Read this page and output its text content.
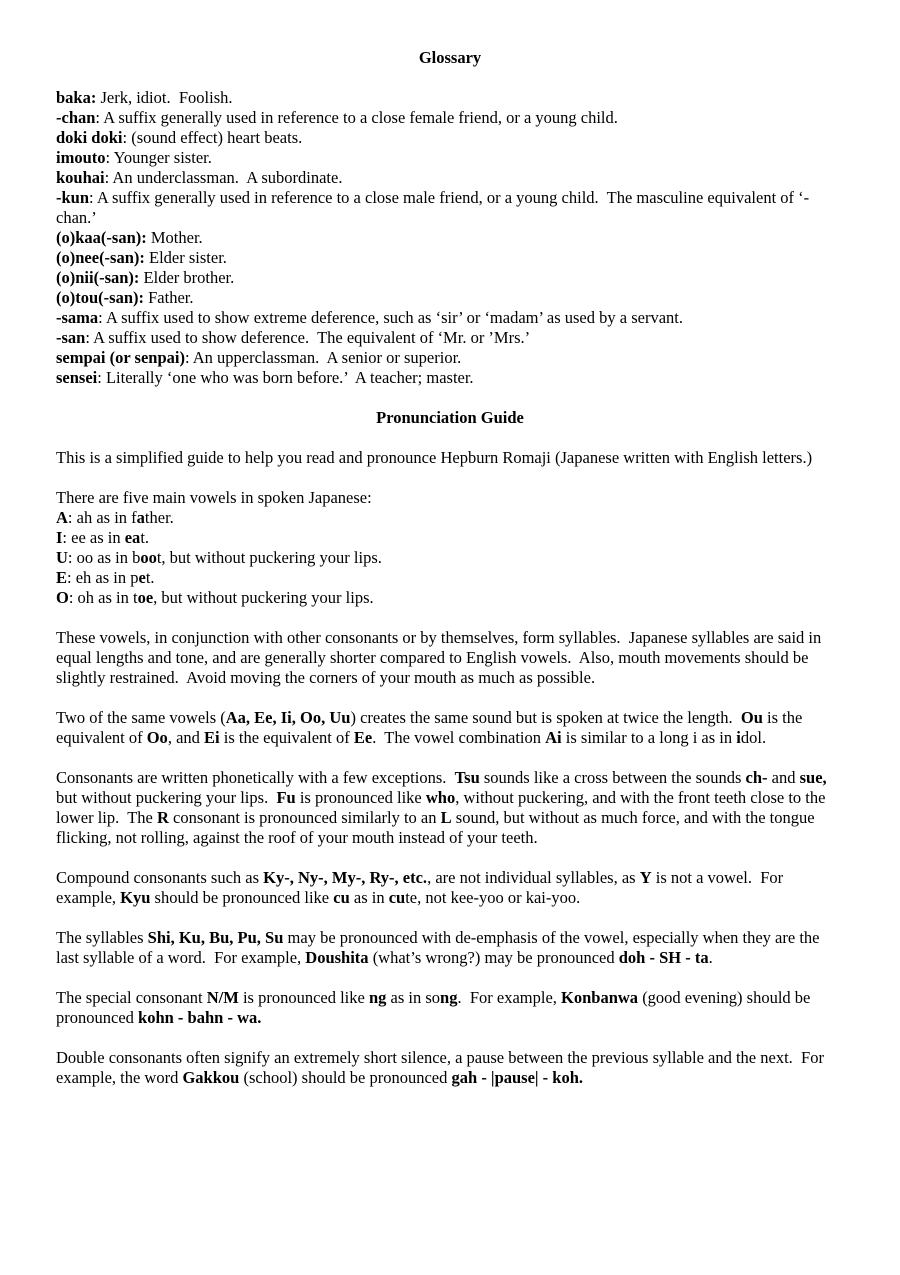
Glossary
baka: Jerk, idiot.  Foolish.
-chan: A suffix generally used in reference to a close female friend, or a young child.
doki doki: (sound effect) heart beats.
imouto: Younger sister.
kouhai: An underclassman.  A subordinate.
-kun: A suffix generally used in reference to a close male friend, or a young child.  The masculine equivalent of ‘-chan.’
(o)kaa(-san): Mother.
(o)nee(-san): Elder sister.
(o)nii(-san): Elder brother.
(o)tou(-san): Father.
-sama: A suffix used to show extreme deference, such as ‘sir’ or ‘madam’ as used by a servant.
-san: A suffix used to show deference.  The equivalent of ‘Mr. or ’Mrs.’
sempai (or senpai): An upperclassman.  A senior or superior.
sensei: Literally ‘one who was born before.’  A teacher; master.
Pronunciation Guide
This is a simplified guide to help you read and pronounce Hepburn Romaji (Japanese written with English letters.)
There are five main vowels in spoken Japanese:
A: ah as in father.
I: ee as in eat.
U: oo as in boot, but without puckering your lips.
E: eh as in pet.
O: oh as in toe, but without puckering your lips.
These vowels, in conjunction with other consonants or by themselves, form syllables.  Japanese syllables are said in equal lengths and tone, and are generally shorter compared to English vowels.  Also, mouth movements should be slightly restrained.  Avoid moving the corners of your mouth as much as possible.
Two of the same vowels (Aa, Ee, Ii, Oo, Uu) creates the same sound but is spoken at twice the length.  Ou is the equivalent of Oo, and Ei is the equivalent of Ee.  The vowel combination Ai is similar to a long i as in idol.
Consonants are written phonetically with a few exceptions.  Tsu sounds like a cross between the sounds ch- and sue, but without puckering your lips.  Fu is pronounced like who, without puckering, and with the front teeth close to the lower lip.  The R consonant is pronounced similarly to an L sound, but without as much force, and with the tongue flicking, not rolling, against the roof of your mouth instead of your teeth.
Compound consonants such as Ky-, Ny-, My-, Ry-, etc., are not individual syllables, as Y is not a vowel.  For example, Kyu should be pronounced like cu as in cute, not kee-yoo or kai-yoo.
The syllables Shi, Ku, Bu, Pu, Su may be pronounced with de-emphasis of the vowel, especially when they are the last syllable of a word.  For example, Doushita (what’s wrong?) may be pronounced doh - SH - ta.
The special consonant N/M is pronounced like ng as in song.  For example, Konbanwa (good evening) should be pronounced kohn - bahn - wa.
Double consonants often signify an extremely short silence, a pause between the previous syllable and the next.  For example, the word Gakkou (school) should be pronounced gah - |pause| - koh.
